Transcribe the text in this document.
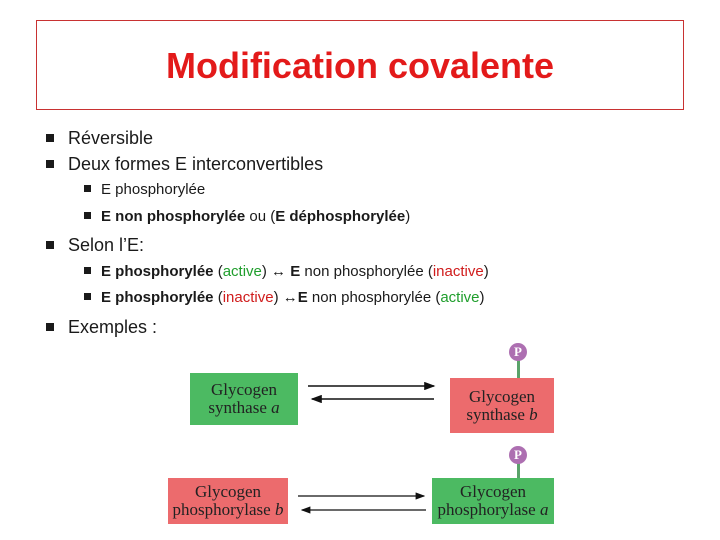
Modification covalente
Réversible
Deux formes E interconvertibles
E phosphorylée
E non phosphorylée ou (E déphosphorylée)
Selon l’E:
E phosphorylée (active) ↔ E non phosphorylée (inactive)
E phosphorylée (inactive) ↔E non phosphorylée (active)
Exemples :
Glycogen
synthase a
P
Glycogen
synthase b
Glycogen
phosphorylase b
P
Glycogen
phosphorylase a
